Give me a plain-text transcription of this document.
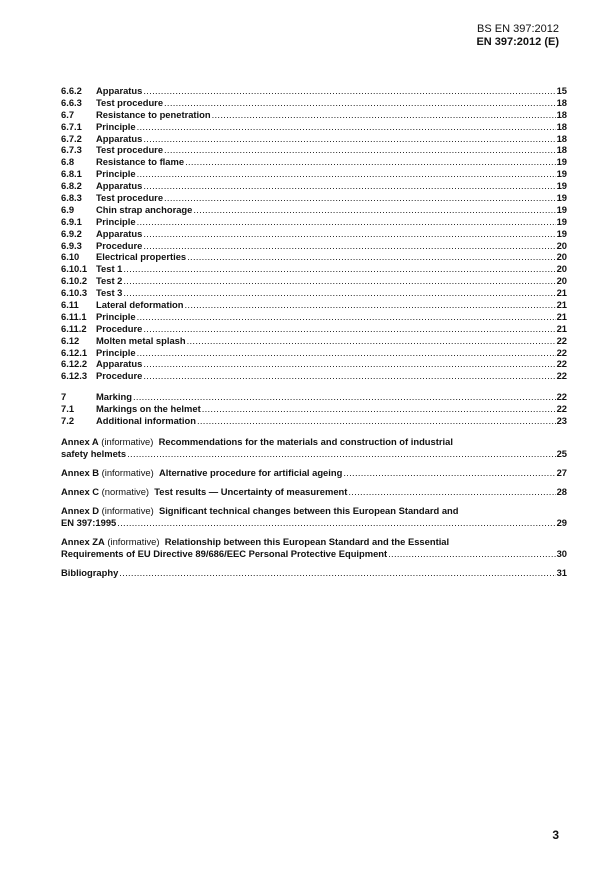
BS EN 397:2012
EN 397:2012 (E)
6.6.2	Apparatus .....	15
6.6.3	Test procedure .....	18
6.7	Resistance to penetration .....	18
6.7.1	Principle .....	18
6.7.2	Apparatus .....	18
6.7.3	Test procedure .....	18
6.8	Resistance to flame .....	19
6.8.1	Principle .....	19
6.8.2	Apparatus .....	19
6.8.3	Test procedure .....	19
6.9	Chin strap anchorage .....	19
6.9.1	Principle .....	19
6.9.2	Apparatus .....	19
6.9.3	Procedure .....	20
6.10	Electrical properties .....	20
6.10.1 Test 1 .....	20
6.10.2 Test 2 .....	20
6.10.3 Test 3 .....	21
6.11	Lateral deformation .....	21
6.11.1	Principle .....	21
6.11.2	Procedure .....	21
6.12	Molten metal splash .....	22
6.12.1 Principle .....	22
6.12.2 Apparatus .....	22
6.12.3 Procedure .....	22
7	Marking .....	22
7.1	Markings on the helmet .....	22
7.2	Additional information .....	23
Annex A (informative) Recommendations for the materials and construction of industrial
safety helmets .....	25
Annex B
(informative)
Alternative procedure for artificial ageing .....	27
Annex C
(normative)
Test results — Uncertainty of measurement .....	28
Annex D (informative) Significant technical changes between this European Standard and
EN 397:1995 .....	29
Annex ZA (informative) Relationship between this European Standard and the Essential
Requirements of EU Directive 89/686/EEC Personal Protective Equipment .....	30
Bibliography .....	31
3
